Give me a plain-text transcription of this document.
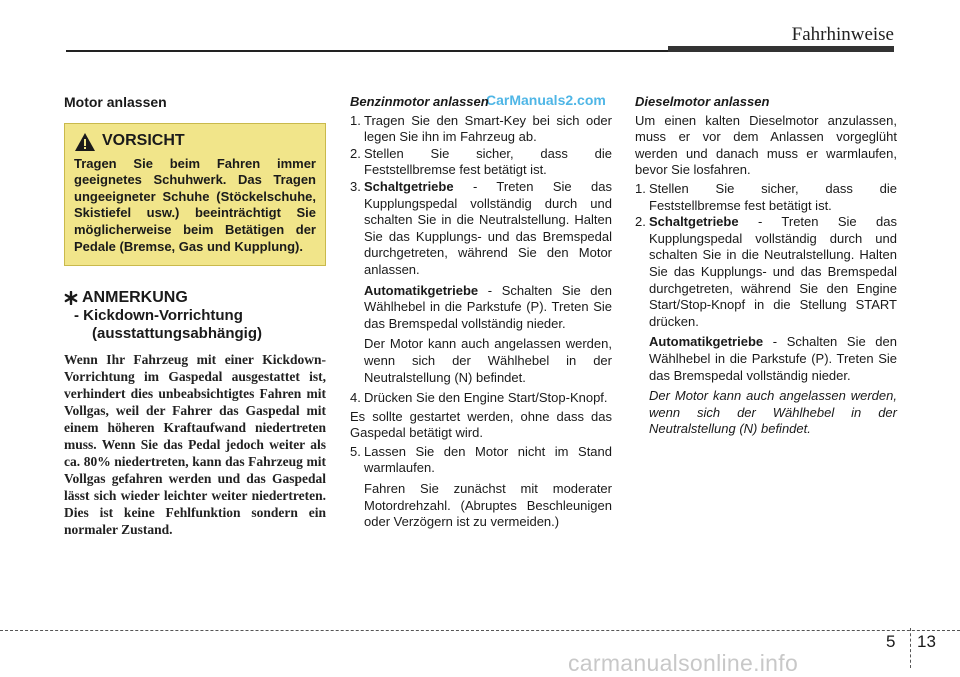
Fahrhinweise
CarManuals2.com
Motor anlassen
VORSICHT
Tragen Sie beim Fahren immer geeignetes Schuhwerk. Das Tragen ungeeigneter Schuhe (Stöckelschuhe, Skistiefel usw.) beeinträchtigt Sie möglicherweise beim Betätigen der Pedale (Bremse, Gas und Kupplung).
ANMERKUNG
- Kickdown-Vorrichtung
(ausstattungsabhängig)
Wenn Ihr Fahrzeug mit einer Kickdown-Vorrichtung im Gaspedal ausgestattet ist, verhindert dies unbeabsichtigtes Fahren mit Vollgas, weil der Fahrer das Gaspedal mit einem höheren Kraftaufwand niedertreten muss. Wenn Sie das Pedal jedoch weiter als ca. 80% niedertreten, kann das Fahrzeug mit Vollgas gefahren werden und das Gaspedal lässt sich wieder leichter weiter niedertreten. Dies ist keine Fehlfunktion sondern ein normaler Zustand.
Benzinmotor anlassen
1. Tragen Sie den Smart-Key bei sich oder legen Sie ihn im Fahrzeug ab.
2. Stellen Sie sicher, dass die Feststellbremse fest betätigt ist.
3. Schaltgetriebe - Treten Sie das Kupplungspedal vollständig durch und schalten Sie in die Neutralstellung. Halten Sie das Kupplungs- und das Bremspedal durchgetreten, während Sie den Motor anlassen.
Automatikgetriebe - Schalten Sie den Wählhebel in die Parkstufe (P). Treten Sie das Bremspedal vollständig nieder.
Der Motor kann auch angelassen werden, wenn sich der Wählhebel in der Neutralstellung (N) befindet.
4. Drücken Sie den Engine Start/Stop-Knopf.
Es sollte gestartet werden, ohne dass das Gaspedal betätigt wird.
5. Lassen Sie den Motor nicht im Stand warmlaufen.
Fahren Sie zunächst mit moderater Motordrehzahl. (Abruptes Beschleunigen oder Verzögern ist zu vermeiden.)
Dieselmotor anlassen
Um einen kalten Dieselmotor anzulassen, muss er vor dem Anlassen vorgeglüht werden und danach muss er warmlaufen, bevor Sie losfahren.
1. Stellen Sie sicher, dass die Feststellbremse fest betätigt ist.
2. Schaltgetriebe - Treten Sie das Kupplungspedal vollständig durch und schalten Sie in die Neutralstellung. Halten Sie das Kupplungs- und das Bremspedal durchgetreten, während Sie den Engine Start/Stop-Knopf in die Stellung START drücken.
Automatikgetriebe - Schalten Sie den Wählhebel in die Parkstufe (P). Treten Sie das Bremspedal vollständig nieder.
Der Motor kann auch angelassen werden, wenn sich der Wählhebel in der Neutralstellung (N) befindet.
5 13
carmanualsonline.info
